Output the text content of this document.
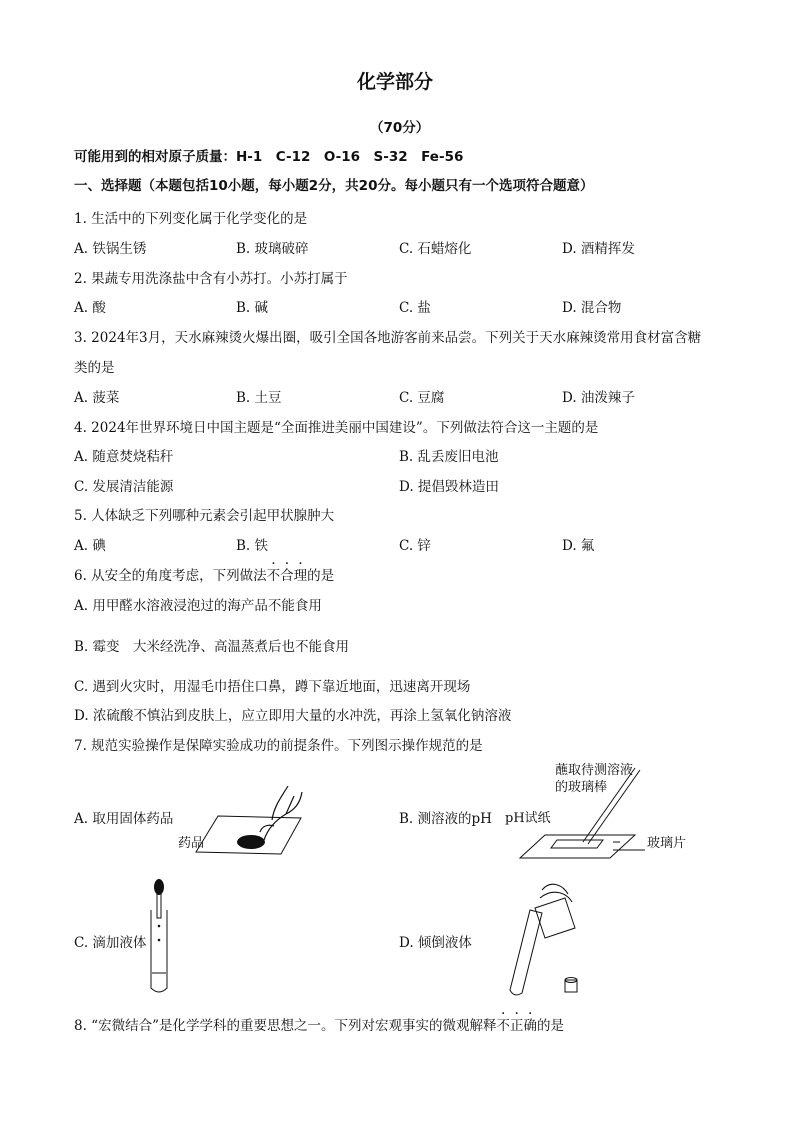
化学部分
（70分）
可能用到的相对原子质量：H-1　C-12　O-16　S-32　Fe-56
一、选择题（本题包括10小题，每小题2分，共20分。每小题只有一个选项符合题意）
1. 生活中的下列变化属于化学变化的是
A. 铁锅生锈	B. 玻璃破碎	C. 石蜡熔化	D. 酒精挥发
2. 果蔬专用洗涤盐中含有小苏打。小苏打属于
A. 酸	B. 碱	C. 盐	D. 混合物
3. 2024年3月，天水麻辣烫火爆出圈，吸引全国各地游客前来品尝。下列关于天水麻辣烫常用食材富含糖
类的是
A. 菠菜	B. 土豆	C. 豆腐	D. 油泼辣子
4. 2024年世界环境日中国主题是“全面推进美丽中国建设”。下列做法符合这一主题的是
A. 随意焚烧秸秆	B. 乱丢废旧电池
C. 发展清洁能源	D. 提倡毁林造田
5. 人体缺乏下列哪种元素会引起甲状腺肿大
A. 碘	B. 铁	C. 锌	D. 氟
6. 从安全的角度考虑，下列做法不合理的是
A. 用甲醛水溶液浸泡过的海产品不能食用
B. 霉变　大米经洗净、高温蒸煮后也不能食用
C. 遇到火灾时，用湿毛巾捂住口鼻，蹲下靠近地面，迅速离开现场
D. 浓硫酸不慎沾到皮肤上，应立即用大量的水冲洗，再涂上氢氧化钠溶液
7. 规范实验操作是保障实验成功的前提条件。下列图示操作规范的是
A. 取用固体药品	B. 测溶液的pH
C. 滴加液体	D. 倾倒液体
药品
蘸取待测溶液
的玻璃棒
pH试纸
玻璃片
8. “宏微结合”是化学学科的重要思想之一。下列对宏观事实的微观解释不正确的是
